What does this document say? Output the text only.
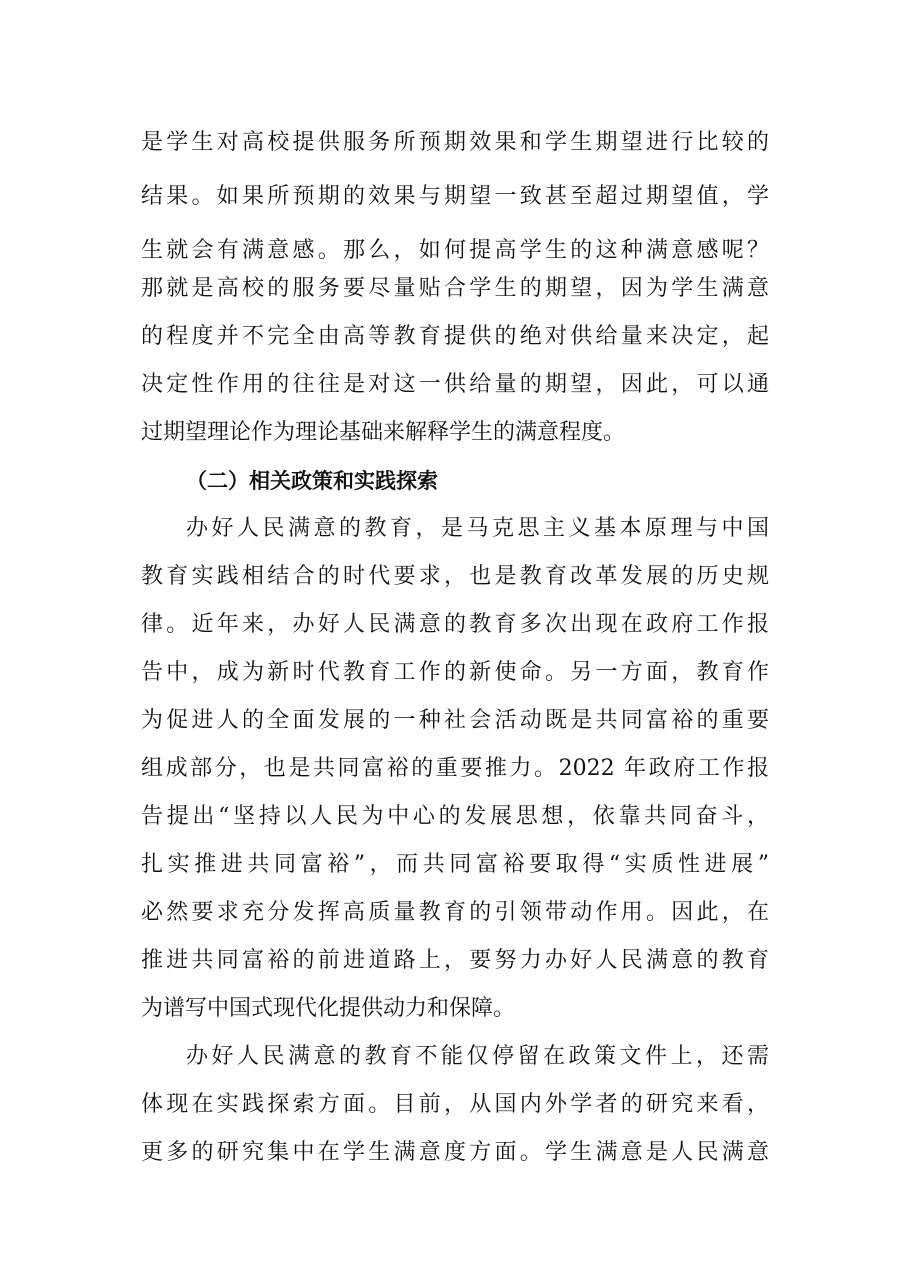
是学生对高校提供服务所预期效果和学生期望进行比较的
结果。如果所预期的效果与期望一致甚至超过期望值，学
生就会有满意感。那么，如何提高学生的这种满意感呢？
那就是高校的服务要尽量贴合学生的期望，因为学生满意
的程度并不完全由高等教育提供的绝对供给量来决定，起
决定性作用的往往是对这一供给量的期望，因此，可以通
过期望理论作为理论基础来解释学生的满意程度。
（二）相关政策和实践探索
办好人民满意的教育，是马克思主义基本原理与中国
教育实践相结合的时代要求，也是教育改革发展的历史规
律。近年来，办好人民满意的教育多次出现在政府工作报
告中，成为新时代教育工作的新使命。另一方面，教育作
为促进人的全面发展的一种社会活动既是共同富裕的重要
组成部分，也是共同富裕的重要推力。2022 年政府工作报
告提出“坚持以人民为中心的发展思想，依靠共同奋斗，
扎实推进共同富裕”，而共同富裕要取得“实质性进展”
必然要求充分发挥高质量教育的引领带动作用。因此，在
推进共同富裕的前进道路上，要努力办好人民满意的教育
为谱写中国式现代化提供动力和保障。
办好人民满意的教育不能仅停留在政策文件上，还需
体现在实践探索方面。目前，从国内外学者的研究来看，
更多的研究集中在学生满意度方面。学生满意是人民满意
